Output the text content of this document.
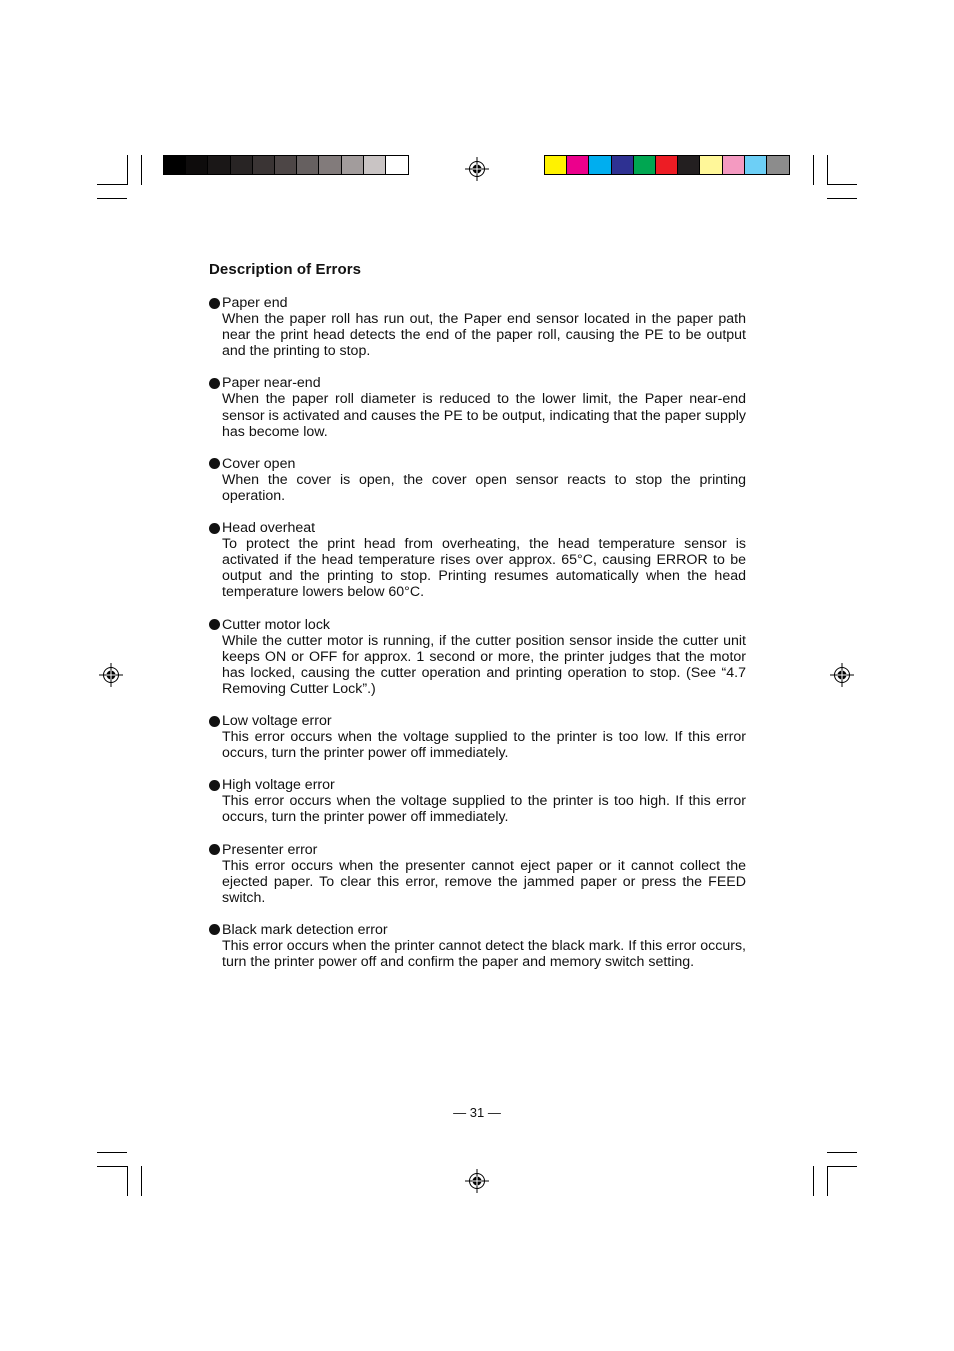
Description of Errors
Paper end
When the paper roll has run out, the Paper end sensor located in the paper path near the print head detects the end of the paper roll, causing the PE to be output and the printing to stop.
Paper near-end
When the paper roll diameter is reduced to the lower limit, the Paper near-end sensor is activated and causes the PE to be output, indicating that the paper supply has become low.
Cover open
When the cover is open, the cover open sensor reacts to stop the printing operation.
Head overheat
To protect the print head from overheating, the head temperature sensor is activated if the head temperature rises over approx. 65°C, causing ERROR to be output and the printing to stop. Printing resumes automatically when the head temperature lowers below 60°C.
Cutter motor lock
While the cutter motor is running, if the cutter position sensor inside the cutter unit keeps ON or OFF for approx. 1 second or more, the printer judges that the motor has locked, causing the cutter operation and printing operation to stop. (See “4.7 Removing Cutter Lock”.)
Low voltage error
This error occurs when the voltage supplied to the printer is too low. If this error occurs, turn the printer power off immediately.
High voltage error
This error occurs when the voltage supplied to the printer is too high. If this error occurs, turn the printer power off immediately.
Presenter error
This error occurs when the presenter cannot eject paper or it cannot collect the ejected paper. To clear this error, remove the jammed paper or press the FEED switch.
Black mark detection error
This error occurs when the printer cannot detect the black mark. If this error occurs, turn the printer power off and confirm the paper and memory switch setting.
— 31 —
